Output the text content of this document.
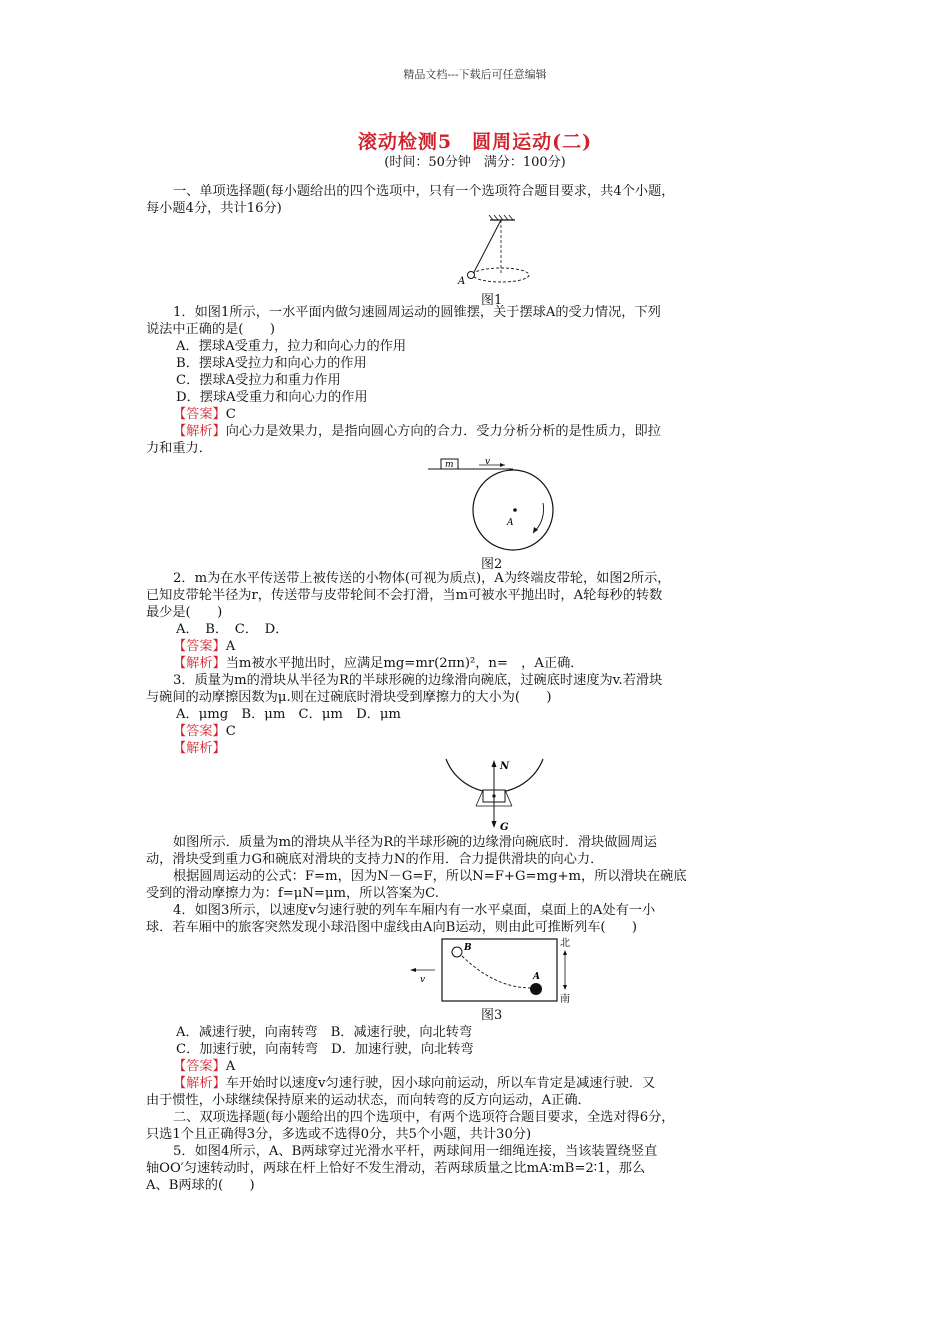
精品文档---下载后可任意编辑
滚动检测5　圆周运动(二)
(时间：50分钟　满分：100分)
一、单项选择题(每小题给出的四个选项中，只有一个选项符合题目要求，共4个小题，
每小题4分，共计16分)
1．如图1所示，一水平面内做匀速圆周运动的圆锥摆，关于摆球A的受力情况，下列
说法中正确的是(　　)
A．摆球A受重力，拉力和向心力的作用
B．摆球A受拉力和向心力的作用
C．摆球A受拉力和重力作用
D．摆球A受重力和向心力的作用
【答案】C
【解析】向心力是效果力，是指向圆心方向的合力．受力分析分析的是性质力，即拉
力和重力．
2．m为在水平传送带上被传送的小物体(可视为质点)，A为终端皮带轮，如图2所示，
已知皮带轮半径为r，传送带与皮带轮间不会打滑，当m可被水平抛出时，A轮每秒的转数
最少是(　　)
A．　B．　C．　D．
【答案】A
【解析】当m被水平抛出时，应满足mg=mr(2πn)²，n=　，A正确．
3．质量为m的滑块从半径为R的半球形碗的边缘滑向碗底，过碗底时速度为v.若滑块
与碗间的动摩擦因数为μ.则在过碗底时滑块受到摩擦力的大小为(　　)
A．μmg　B．μm　C．μm　D．μm
【答案】C
【解析】
如图所示．质量为m的滑块从半径为R的半球形碗的边缘滑向碗底时．滑块做圆周运
动，滑块受到重力G和碗底对滑块的支持力N的作用．合力提供滑块的向心力．
根据圆周运动的公式：F=m，因为N－G=F，所以N=F+G=mg+m，所以滑块在碗底
受到的滑动摩擦力为：f=μN=μm，所以答案为C.
4．如图3所示，以速度v匀速行驶的列车车厢内有一水平桌面，桌面上的A处有一小
球．若车厢中的旅客突然发现小球沿图中虚线由A向B运动，则由此可推断列车(　　)
A．减速行驶，向南转弯　B．减速行驶，向北转弯
C．加速行驶，向南转弯　D．加速行驶，向北转弯
【答案】A
【解析】车开始时以速度v匀速行驶，因小球向前运动，所以车肯定是减速行驶．又
由于惯性，小球继续保持原来的运动状态，而向转弯的反方向运动，A正确．
二、双项选择题(每小题给出的四个选项中，有两个选项符合题目要求，全选对得6分，
只选1个且正确得3分，多选或不选得0分，共5个小题，共计30分)
5．如图4所示，A、B两球穿过光滑水平杆，两球间用一细绳连接，当该装置绕竖直
轴OO′匀速转动时，两球在杆上恰好不发生滑动，若两球质量之比mA∶mB=2∶1，那么
A、B两球的(　　)
A
图1
m	v
A
图2
N
G
v
B
A
北
南
图3
